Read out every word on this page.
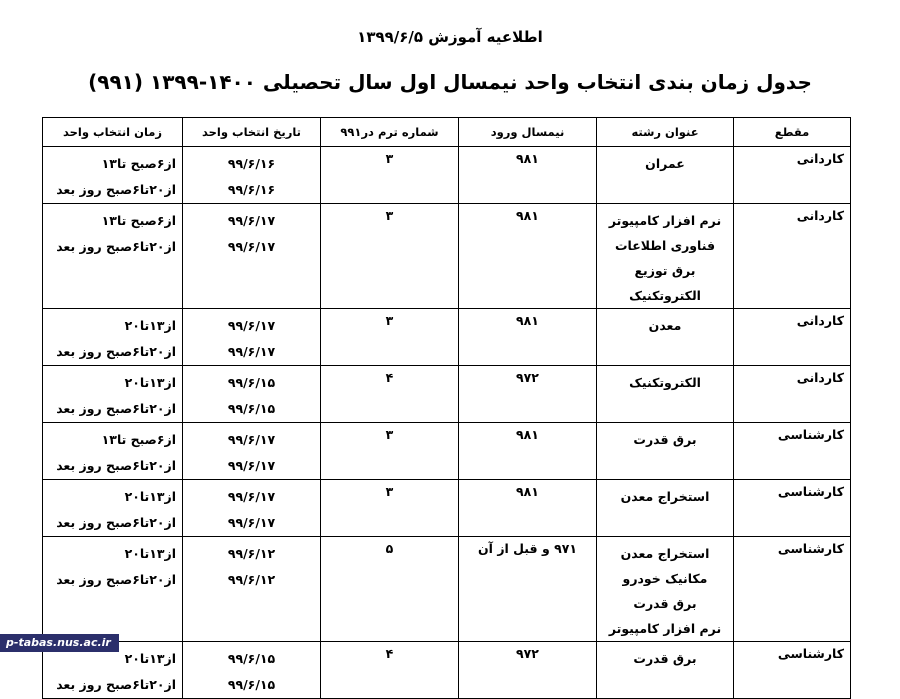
اطلاعیه آموزش ۱۳۹۹/۶/۵
جدول زمان بندی انتخاب واحد نیمسال اول سال تحصیلی ۱۴۰۰-۱۳۹۹ (۹۹۱)
مقطع	عنوان رشته	نیمسال ورود	شماره ترم در۹۹۱	تاریخ انتخاب واحد	زمان انتخاب واحد

کاردانی	عمران	۹۸۱	۳	۹۹/۶/۱۶
۹۹/۶/۱۶	از۶صبح تا۱۳
از۲۰تا۶صبح روز بعد

کاردانی	نرم افزار کامپیوتر
فناوری اطلاعات
برق توزیع
الکتروتکنیک	۹۸۱	۳	۹۹/۶/۱۷
۹۹/۶/۱۷	از۶صبح تا۱۳
از۲۰تا۶صبح روز بعد

کاردانی	معدن	۹۸۱	۳	۹۹/۶/۱۷
۹۹/۶/۱۷	از۱۳تا۲۰
از۲۰تا۶صبح روز بعد

کاردانی	الکتروتکنیک	۹۷۲	۴	۹۹/۶/۱۵
۹۹/۶/۱۵	از۱۳تا۲۰
از۲۰تا۶صبح روز بعد

کارشناسی	برق قدرت	۹۸۱	۳	۹۹/۶/۱۷
۹۹/۶/۱۷	از۶صبح تا۱۳
از۲۰تا۶صبح روز بعد

کارشناسی	استخراج معدن	۹۸۱	۳	۹۹/۶/۱۷
۹۹/۶/۱۷	از۱۳تا۲۰
از۲۰تا۶صبح روز بعد

کارشناسی	استخراج معدن
مکانیک خودرو
برق قدرت
نرم افزار کامپیوتر	۹۷۱ و قبل از آن	۵	۹۹/۶/۱۲
۹۹/۶/۱۲	از۱۳تا۲۰
از۲۰تا۶صبح روز بعد

کارشناسی	برق قدرت	۹۷۲	۴	۹۹/۶/۱۵
۹۹/۶/۱۵	از۱۳تا۲۰
از۲۰تا۶صبح روز بعد
p-tabas.nus.ac.ir
